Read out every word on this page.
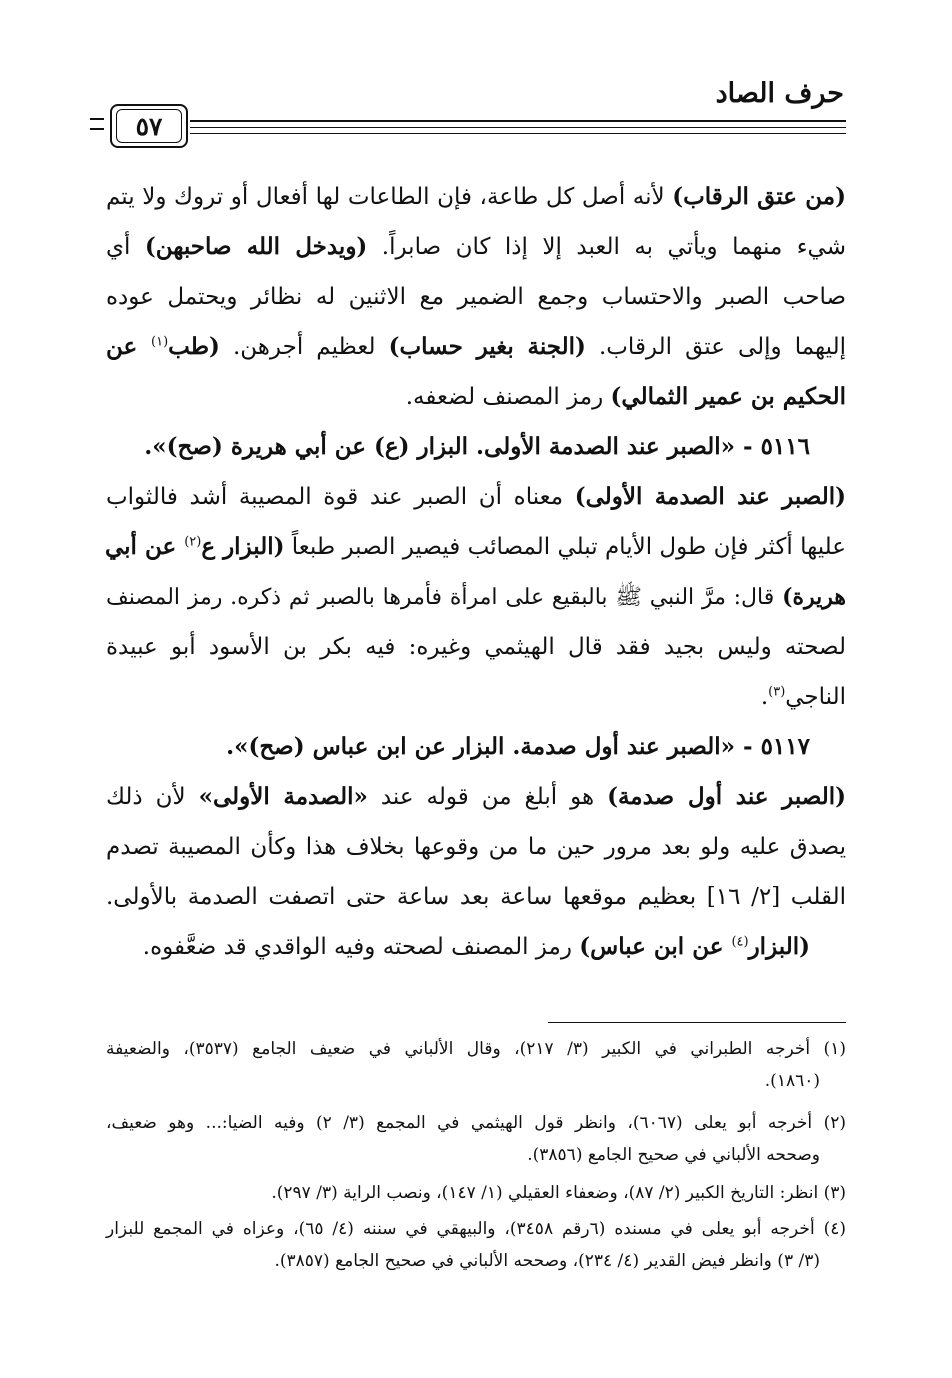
حرف الصاد
٥٧
(من عتق الرقاب) لأنه أصل كل طاعة، فإن الطاعات لها أفعال أو تروك ولا يتم
شيء منهما ويأتي به العبد إلا إذا كان صابراً. (ويدخل الله صاحبهن) أي
صاحب الصبر والاحتساب وجمع الضمير مع الاثنين له نظائر ويحتمل عوده
إليهما وإلى عتق الرقاب. (الجنة بغير حساب) لعظيم أجرهن. (طب$^{(١)}$ عن
الحكيم بن عمير الثمالي) رمز المصنف لضعفه.
٥١١٦ - «الصبر عند الصدمة الأولى. البزار (ع) عن أبي هريرة (صح)».
(الصبر عند الصدمة الأولى) معناه أن الصبر عند قوة المصيبة أشد فالثواب
عليها أكثر فإن طول الأيام تبلي المصائب فيصير الصبر طبعاً (البزار ع$^{(٢)}$ عن أبي
هريرة) قال: مرَّ النبي ﷺ بالبقيع على امرأة فأمرها بالصبر ثم ذكره. رمز المصنف
لصحته وليس بجيد فقد قال الهيثمي وغيره: فيه بكر بن الأسود أبو عبيدة
الناجي$^{(٣)}$.
٥١١٧ - «الصبر عند أول صدمة. البزار عن ابن عباس (صح)».
(الصبر عند أول صدمة) هو أبلغ من قوله عند «الصدمة الأولى» لأن ذلك
يصدق عليه ولو بعد مرور حين ما من وقوعها بخلاف هذا وكأن المصيبة تصدم
القلب [٢/ ١٦] بعظيم موقعها ساعة بعد ساعة حتى اتصفت الصدمة بالأولى.
(البزار$^{(٤)}$ عن ابن عباس) رمز المصنف لصحته وفيه الواقدي قد ضعَّفوه.
(١) أخرجه الطبراني في الكبير (٣/ ٢١٧)، وقال الألباني في ضعيف الجامع (٣٥٣٧)، والضعيفة
(١٨٦٠).
(٢) أخرجه أبو يعلى (٦٠٦٧)، وانظر قول الهيثمي في المجمع (٣/ ٢) وفيه الضيا:... وهو ضعيف،
وصححه الألباني في صحيح الجامع (٣٨٥٦).
(٣) انظر: التاريخ الكبير (٢/ ٨٧)، وضعفاء العقيلي (١/ ١٤٧)، ونصب الراية (٣/ ٢٩٧).
(٤) أخرجه أبو يعلى في مسنده (٦رقم ٣٤٥٨)، والبيهقي في سننه (٤/ ٦٥)، وعزاه في المجمع للبزار
(٣/ ٣) وانظر فيض القدير (٤/ ٢٣٤)، وصححه الألباني في صحيح الجامع (٣٨٥٧).
